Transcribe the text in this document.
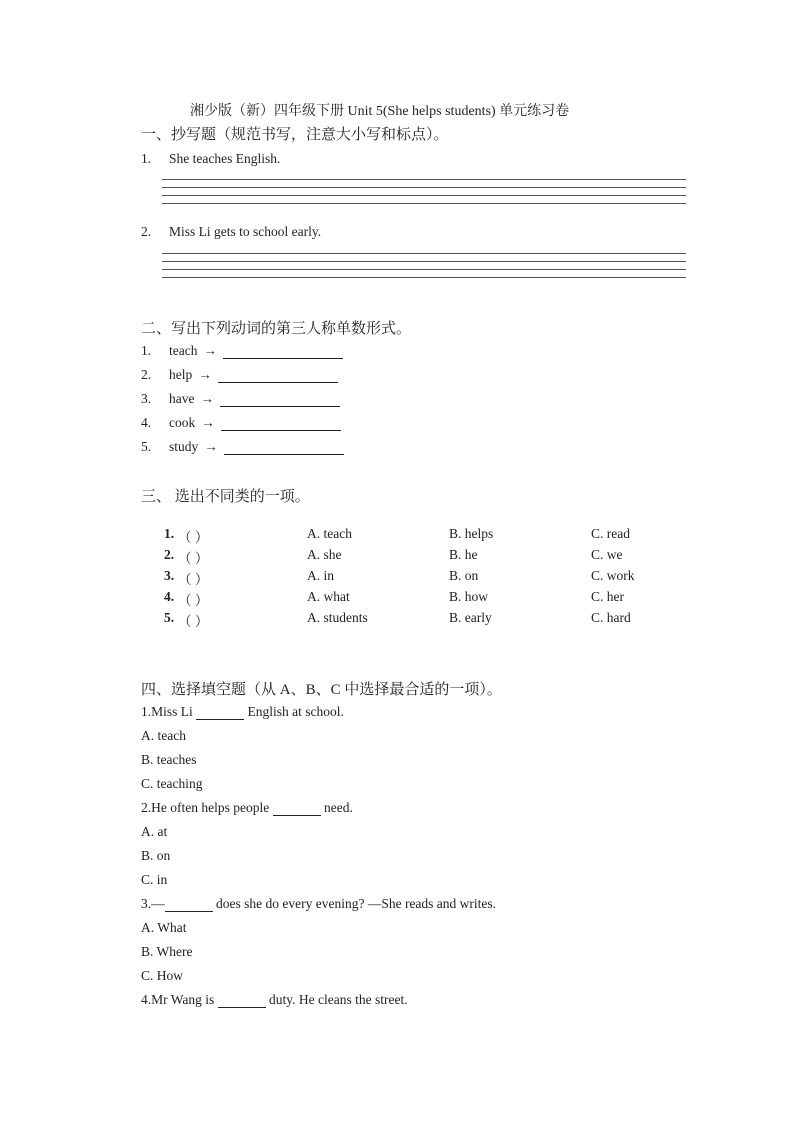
湘少版（新）四年级下册 Unit 5(She helps students) 单元练习卷
一、抄写题（规范书写，注意大小写和标点）。
1. She teaches English.
2. Miss Li gets to school early.
二、写出下列动词的第三人称单数形式。
1. teach →
2. help →
3. have →
4. cook →
5. study →
三、 选出不同类的一项。
1. （ ）	A. teach	B. helps	C. read
2. （ ）	A. she	B. he	C. we
3. （ ）	A. in	B. on	C. work
4. （ ）	A. what	B. how	C. her
5. （ ）	A. students	B. early	C. hard
四、选择填空题（从 A、B、C 中选择最合适的一项）。
1.Miss Li	English at school.
A. teach
B. teaches
C. teaching
2.He often helps people	need.
A. at
B. on
C. in
3.—	does she do every evening? —She reads and writes.
A. What
B. Where
C. How
4.Mr Wang is	duty. He cleans the street.
